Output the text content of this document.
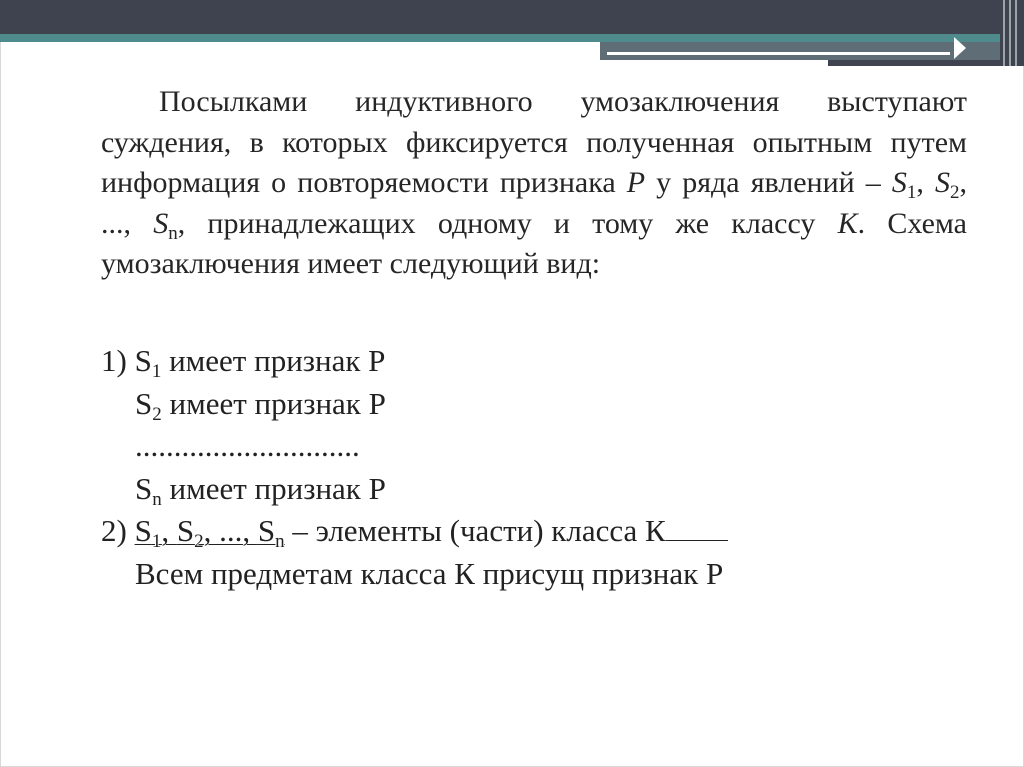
Посылками индуктивного умозаключения выступают суждения, в которых фиксируется полученная опытным путем информация о повторяемости признака P у ряда явлений – $S_1$, $S_2$, ..., $S_n$, принадлежащих одному и тому же классу K. Схема умозаключения имеет следующий вид:
1) $S_1$ имеет признак Р
$S_2$ имеет признак Р
.............................
$S_n$ имеет признак Р
2) $S_1$, $S_2$, ..., $S_n$ – элементы (части) класса К
Всем предметам класса К присущ признак Р
